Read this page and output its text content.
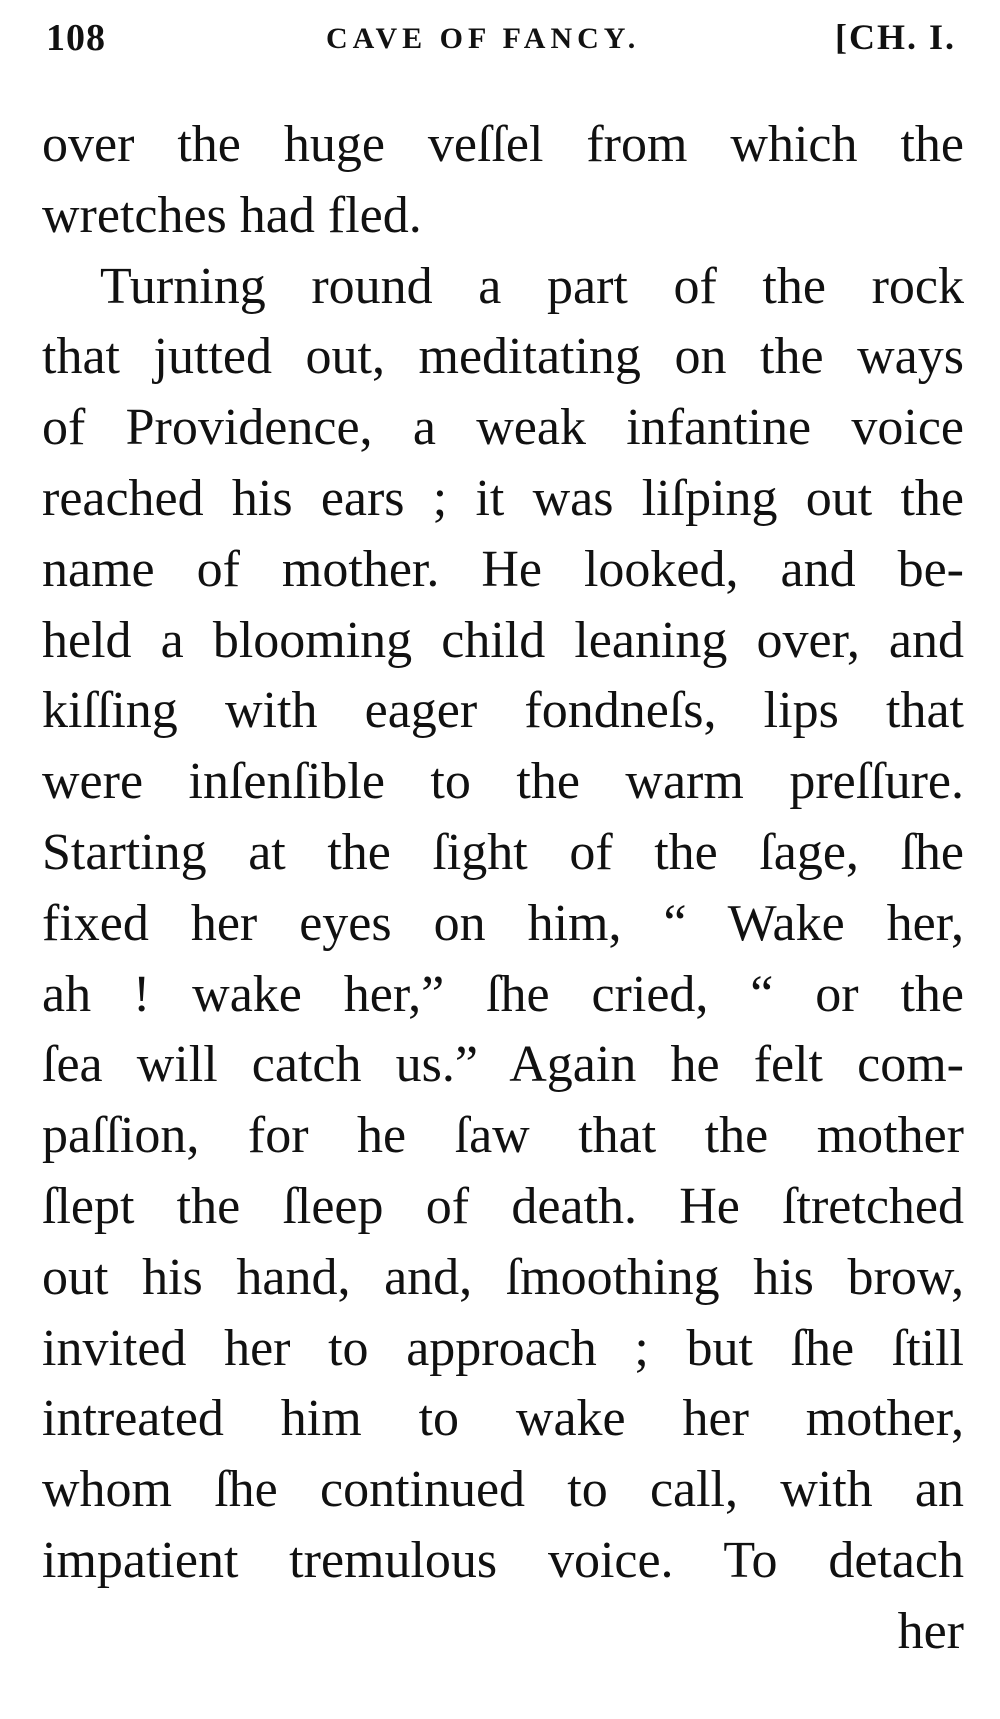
108	CAVE OF FANCY.	[CH. I.
over the huge veſſel from which the
wretches had fled.
Turning round a part of the rock
that jutted out, meditating on the ways
of Providence, a weak infantine voice
reached his ears ; it was liſping out the
name of mother. He looked, and be-
held a blooming child leaning over, and
kiſſing with eager fondneſs, lips that
were inſenſible to the warm preſſure.
Starting at the ſight of the ſage, ſhe
fixed her eyes on him, “ Wake her,
ah ! wake her,” ſhe cried, “ or the
ſea will catch us.” Again he felt com-
paſſion, for he ſaw that the mother
ſlept the ſleep of death. He ſtretched
out his hand, and, ſmoothing his brow,
invited her to approach ; but ſhe ſtill
intreated him to wake her mother,
whom ſhe continued to call, with an
impatient tremulous voice. To detach
her
